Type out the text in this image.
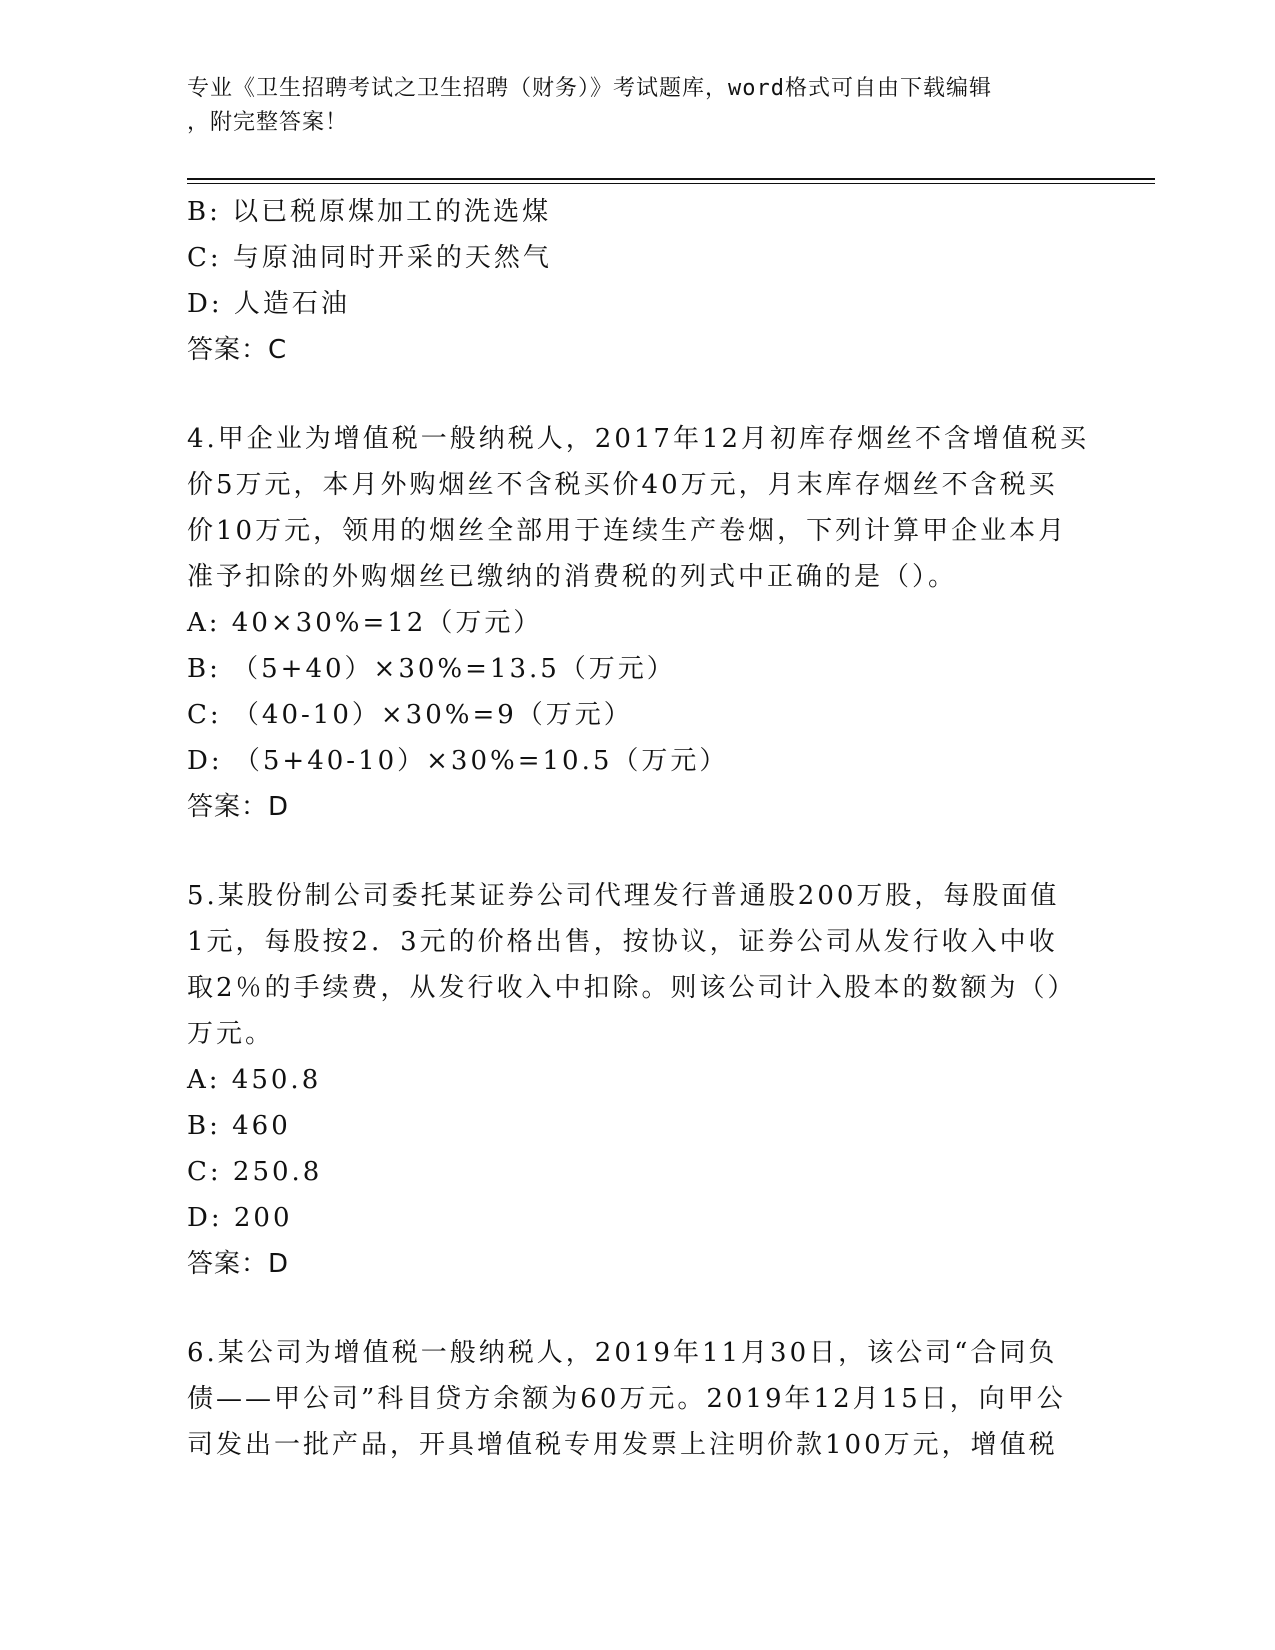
专业《卫生招聘考试之卫生招聘（财务）》考试题库，word格式可自由下载编辑
，附完整答案！
B: 以已税原煤加工的洗选煤
C: 与原油同时开采的天然气
D: 人造石油
答案：C
4.甲企业为增值税一般纳税人，2017年12月初库存烟丝不含增值税买
价5万元，本月外购烟丝不含税买价40万元，月末库存烟丝不含税买
价10万元，领用的烟丝全部用于连续生产卷烟，下列计算甲企业本月
准予扣除的外购烟丝已缴纳的消费税的列式中正确的是（）。
A: 40×30%=12（万元）
B: （5+40）×30%=13.5（万元）
C: （40-10）×30%=9（万元）
D: （5+40-10）×30%=10.5（万元）
答案：D
5.某股份制公司委托某证券公司代理发行普通股200万股，每股面值
1元，每股按2．3元的价格出售，按协议，证券公司从发行收入中收
取2％的手续费，从发行收入中扣除。则该公司计入股本的数额为（）
万元。
A: 450.8
B: 460
C: 250.8
D: 200
答案：D
6.某公司为增值税一般纳税人，2019年11月30日，该公司“合同负
债——甲公司”科目贷方余额为60万元。2019年12月15日，向甲公
司发出一批产品，开具增值税专用发票上注明价款100万元，增值税
